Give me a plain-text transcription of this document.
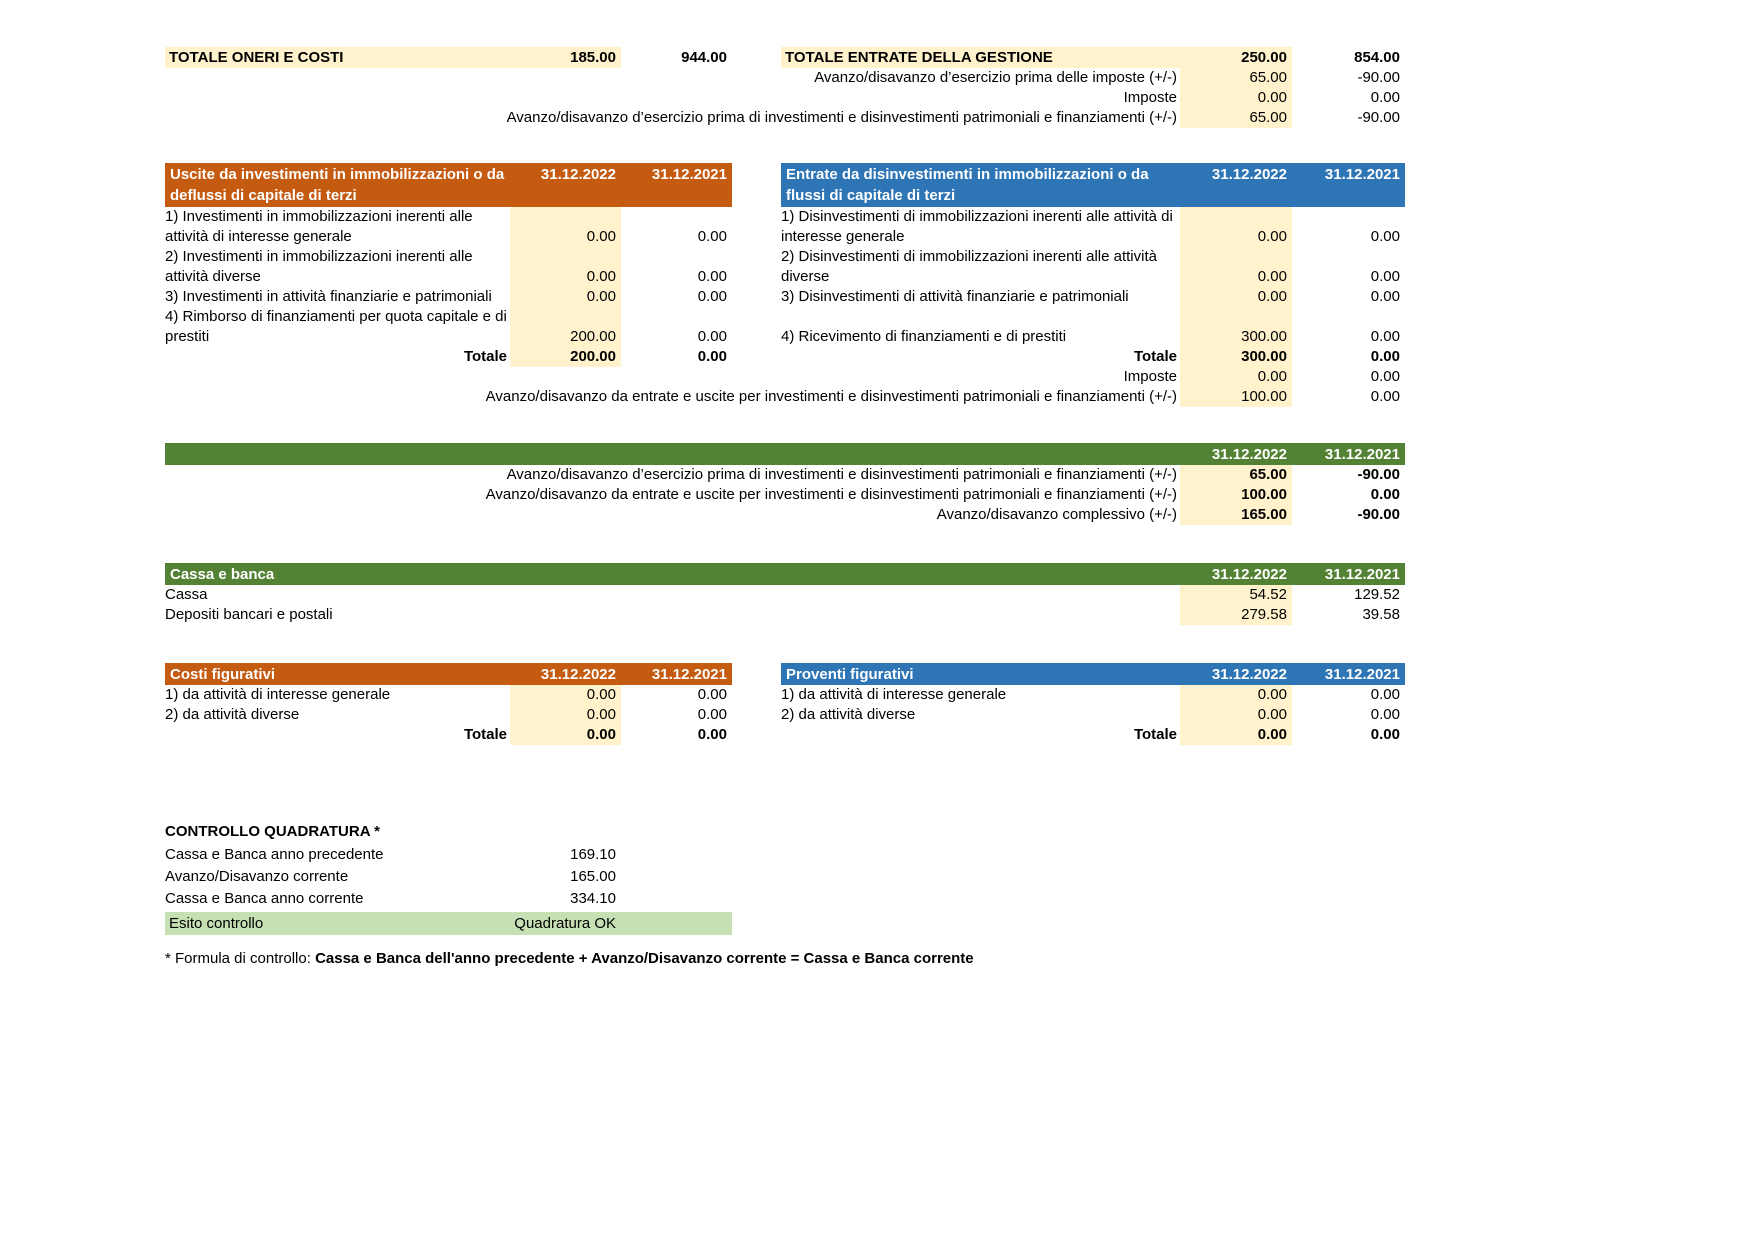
TOTALE ONERI E COSTI	185.00	944.00	TOTALE ENTRATE DELLA GESTIONE	250.00	854.00
Avanzo/disavanzo d’esercizio prima delle imposte (+/-)	65.00	-90.00
Imposte	0.00	0.00
Avanzo/disavanzo d’esercizio prima di investimenti e disinvestimenti patrimoniali e finanziamenti (+/-)	65.00	-90.00
Uscite da investimenti in immobilizzazioni o da deflussi di capitale di terzi
31.12.2022	31.12.2021
1) Investimenti in immobilizzazioni inerenti alle attività di interesse generale	0.00	0.00
2) Investimenti in immobilizzazioni inerenti alle attività diverse	0.00	0.00
3) Investimenti in attività finanziarie e patrimoniali	0.00	0.00
4) Rimborso di finanziamenti per quota capitale e di prestiti	200.00	0.00
Totale	200.00	0.00
Entrate da disinvestimenti in immobilizzazioni o da flussi di capitale di terzi
31.12.2022	31.12.2021
1) Disinvestimenti di immobilizzazioni inerenti alle attività di interesse generale	0.00	0.00
2) Disinvestimenti di immobilizzazioni inerenti alle attività diverse	0.00	0.00
3) Disinvestimenti di attività finanziarie e patrimoniali	0.00	0.00
4) Ricevimento di finanziamenti e di prestiti	300.00	0.00
Totale	300.00	0.00
Imposte	0.00	0.00
Avanzo/disavanzo da entrate e uscite per investimenti e disinvestimenti patrimoniali e finanziamenti (+/-)	100.00	0.00
31.12.2022	31.12.2021
Avanzo/disavanzo d’esercizio prima di investimenti e disinvestimenti patrimoniali e finanziamenti (+/-)	65.00	-90.00
Avanzo/disavanzo da entrate e uscite per investimenti e disinvestimenti patrimoniali e finanziamenti (+/-)	100.00	0.00
Avanzo/disavanzo complessivo (+/-)	165.00	-90.00
Cassa e banca	31.12.2022	31.12.2021
Cassa	54.52	129.52
Depositi bancari e postali	279.58	39.58
Costi figurativi	31.12.2022	31.12.2021
1) da attività di interesse generale	0.00	0.00
2) da attività diverse	0.00	0.00
Totale	0.00	0.00
Proventi figurativi	31.12.2022	31.12.2021
1) da attività di interesse generale	0.00	0.00
2) da attività diverse	0.00	0.00
Totale	0.00	0.00
CONTROLLO QUADRATURA *
Cassa e Banca anno precedente	169.10
Avanzo/Disavanzo corrente	165.00
Cassa e Banca anno corrente	334.10
Esito controllo	Quadratura OK
* Formula di controllo: Cassa e Banca dell'anno precedente + Avanzo/Disavanzo corrente = Cassa e Banca corrente
